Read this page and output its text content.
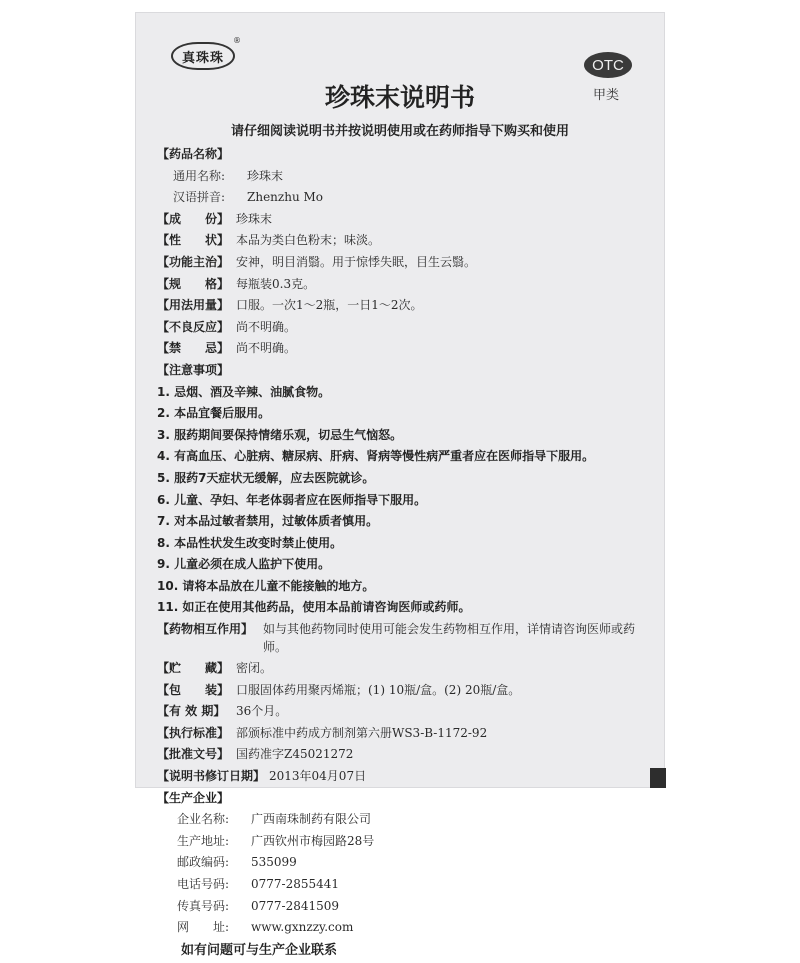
真珠珠
®
OTC
甲类
珍珠末说明书
请仔细阅读说明书并按说明使用或在药师指导下购买和使用
【药品名称】
通用名称: 珍珠末
汉语拼音: Zhenzhu Mo
【成　　份】 珍珠末
【性　　状】 本品为类白色粉末；味淡。
【功能主治】 安神，明目消翳。用于惊悸失眠，目生云翳。
【规　　格】 每瓶装0.3克。
【用法用量】 口服。一次1～2瓶，一日1～2次。
【不良反应】 尚不明确。
【禁　　忌】 尚不明确。
【注意事项】
1. 忌烟、酒及辛辣、油腻食物。
2. 本品宜餐后服用。
3. 服药期间要保持情绪乐观，切忌生气恼怒。
4. 有高血压、心脏病、糖尿病、肝病、肾病等慢性病严重者应在医师指导下服用。
5. 服药7天症状无缓解，应去医院就诊。
6. 儿童、孕妇、年老体弱者应在医师指导下服用。
7. 对本品过敏者禁用，过敏体质者慎用。
8. 本品性状发生改变时禁止使用。
9. 儿童必须在成人监护下使用。
10. 请将本品放在儿童不能接触的地方。
11. 如正在使用其他药品，使用本品前请咨询医师或药师。
【药物相互作用】 如与其他药物同时使用可能会发生药物相互作用，详情请咨询医师或药师。
【贮　　藏】 密闭。
【包　　装】 口服固体药用聚丙烯瓶；(1) 10瓶/盒。(2) 20瓶/盒。
【有 效 期】 36个月。
【执行标准】 部颁标准中药成方制剂第六册WS3-B-1172-92
【批准文号】 国药准字Z45021272
【说明书修订日期】 2013年04月07日
【生产企业】
企业名称: 广西南珠制药有限公司
生产地址: 广西钦州市梅园路28号
邮政编码: 535099
电话号码: 0777-2855441
传真号码: 0777-2841509
网　　址: www.gxnzzy.com
如有问题可与生产企业联系
